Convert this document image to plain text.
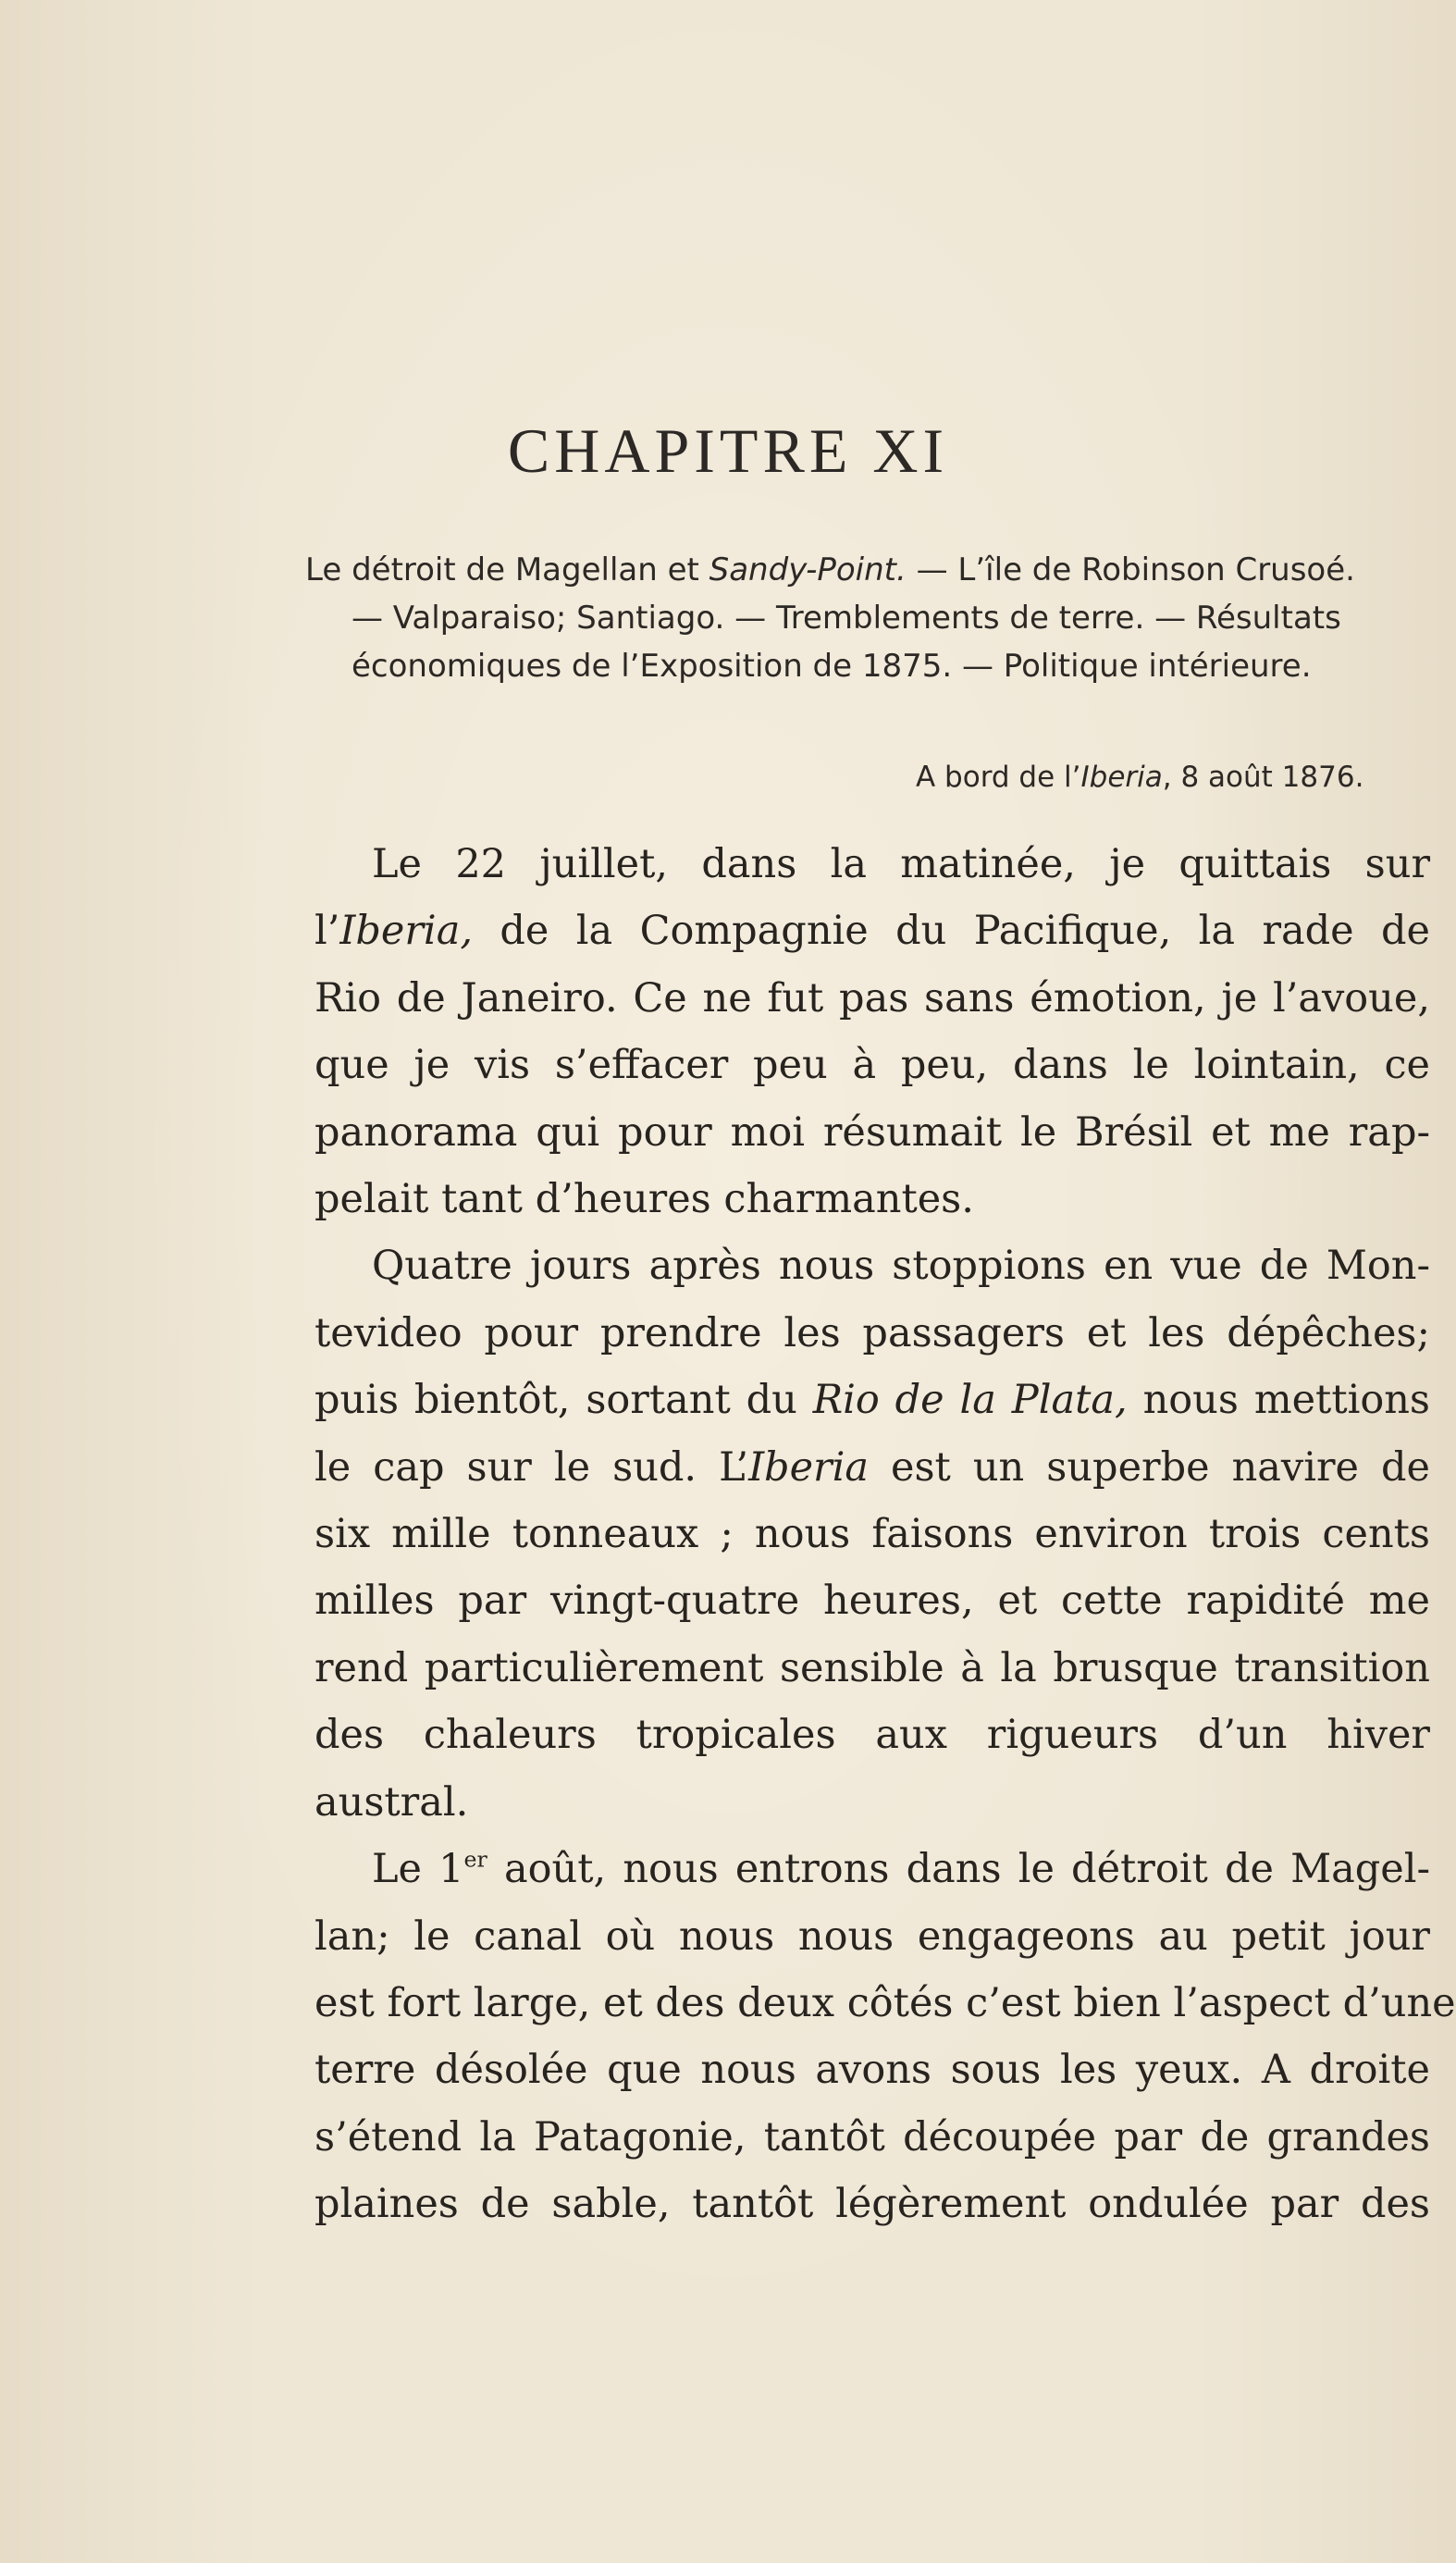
CHAPITRE XI
Le détroit de Magellan et Sandy-Point. — L’île de Robinson Crusoé.
— Valparaiso; Santiago. — Tremblements de terre. — Résultats
économiques de l’Exposition de 1875. — Politique intérieure.
A bord de l’Iberia, 8 août 1876.

Le 22 juillet, dans la matinée, je quittais sur
l’Iberia, de la Compagnie du Pacifique, la rade de
Rio de Janeiro. Ce ne fut pas sans émotion, je l’avoue,
que je vis s’effacer peu à peu, dans le lointain, ce
panorama qui pour moi résumait le Brésil et me rap-
pelait tant d’heures charmantes.

Quatre jours après nous stoppions en vue de Mon-
tevideo pour prendre les passagers et les dépêches;
puis bientôt, sortant du Rio de la Plata, nous mettions
le cap sur le sud. L’Iberia est un superbe navire de
six mille tonneaux ; nous faisons environ trois cents
milles par vingt-quatre heures, et cette rapidité me
rend particulièrement sensible à la brusque transition
des chaleurs tropicales aux rigueurs d’un hiver
austral.

Le 1er août, nous entrons dans le détroit de Magel-
lan; le canal où nous nous engageons au petit jour
est fort large, et des deux côtés c’est bien l’aspect d’une
terre désolée que nous avons sous les yeux. A droite
s’étend la Patagonie, tantôt découpée par de grandes
plaines de sable, tantôt légèrement ondulée par des
